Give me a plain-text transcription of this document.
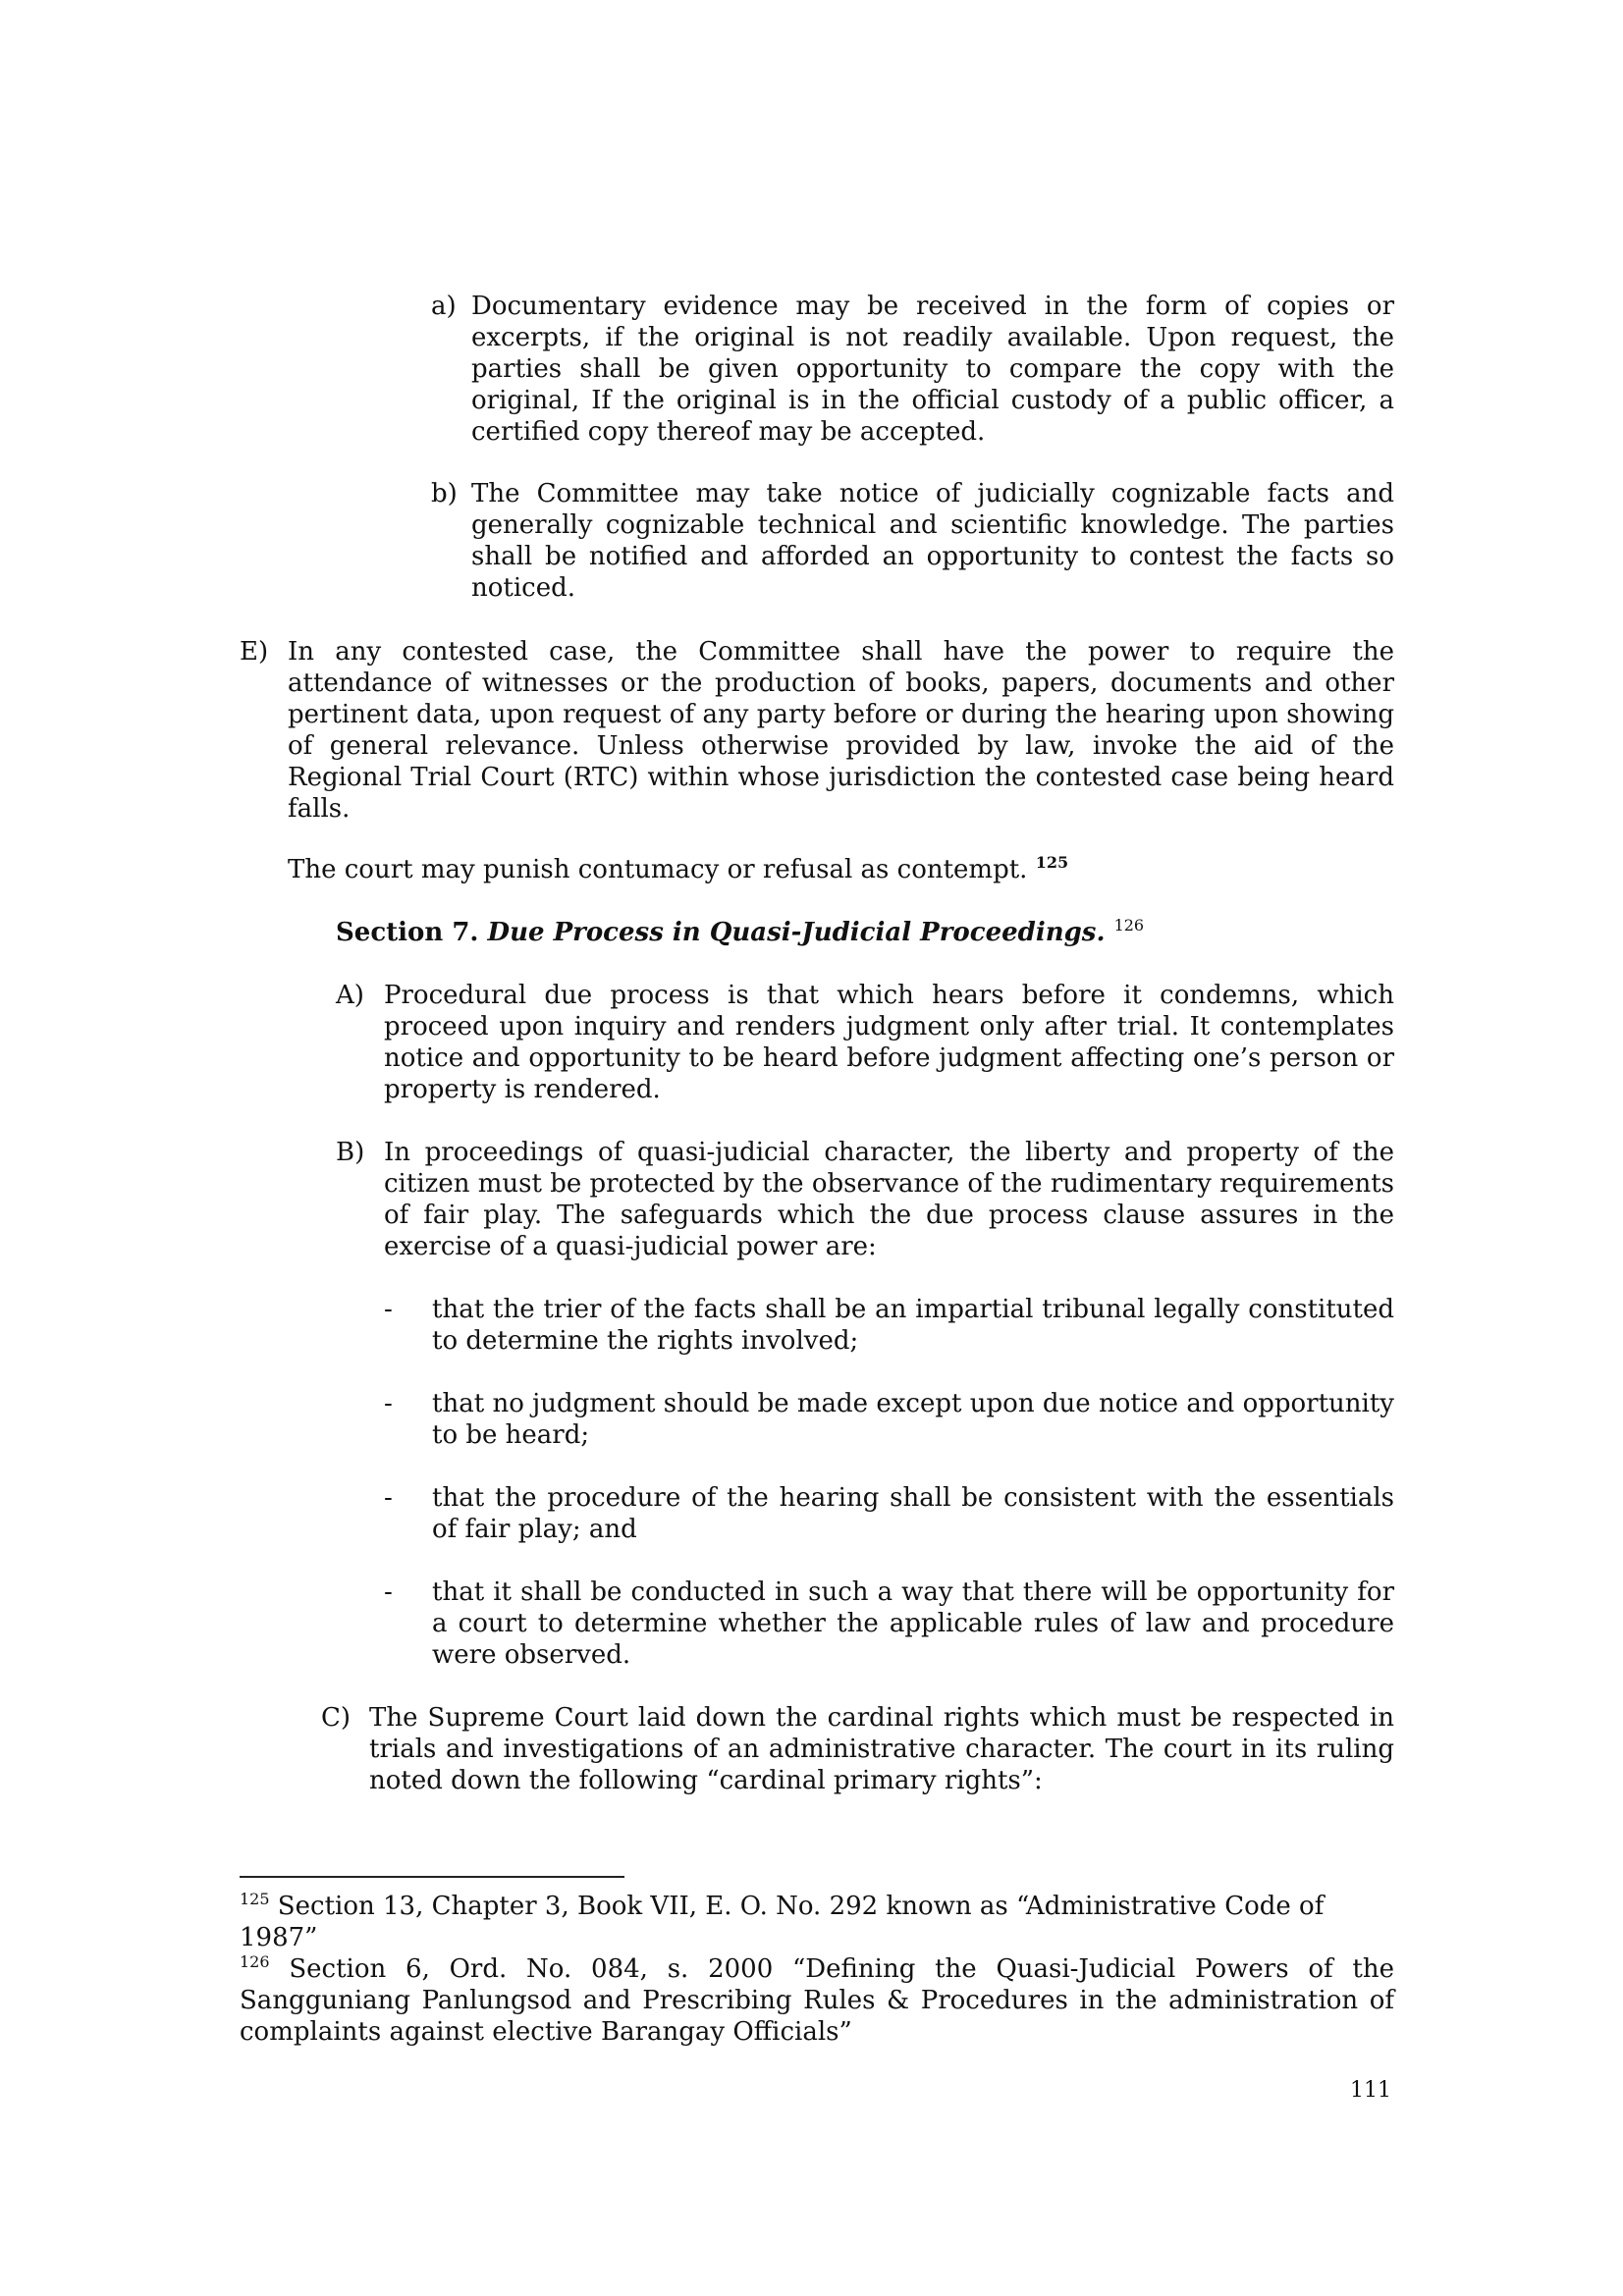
a) Documentary evidence may be received in the form of copies or excerpts, if the original is not readily available. Upon request, the parties shall be given opportunity to compare the copy with the original, If the original is in the official custody of a public officer, a certified copy thereof may be accepted.
b) The Committee may take notice of judicially cognizable facts and generally cognizable technical and scientific knowledge. The parties shall be notified and afforded an opportunity to contest the facts so noticed.
E) In any contested case, the Committee shall have the power to require the attendance of witnesses or the production of books, papers, documents and other pertinent data, upon request of any party before or during the hearing upon showing of general relevance. Unless otherwise provided by law, invoke the aid of the Regional Trial Court (RTC) within whose jurisdiction the contested case being heard falls.

The court may punish contumacy or refusal as contempt. $^{125}$

Section 7. Due Process in Quasi-Judicial Proceedings. $^{126}$

A) Procedural due process is that which hears before it condemns, which proceed upon inquiry and renders judgment only after trial. It contemplates notice and opportunity to be heard before judgment affecting one’s person or property is rendered.
B) In proceedings of quasi-judicial character, the liberty and property of the citizen must be protected by the observance of the rudimentary requirements of fair play. The safeguards which the due process clause assures in the exercise of a quasi-judicial power are:
- that the trier of the facts shall be an impartial tribunal legally constituted to determine the rights involved;
- that no judgment should be made except upon due notice and opportunity to be heard;
- that the procedure of the hearing shall be consistent with the essentials of fair play; and
- that it shall be conducted in such a way that there will be opportunity for a court to determine whether the applicable rules of law and procedure were observed.
C) The Supreme Court laid down the cardinal rights which must be respected in trials and investigations of an administrative character. The court in its ruling noted down the following “cardinal primary rights”:

$^{125}$ Section 13, Chapter 3, Book VII, E. O. No. 292 known as “Administrative Code of 1987”

$^{126}$ Section 6, Ord. No. 084, s. 2000 “Defining the Quasi-Judicial Powers of the Sangguniang Panlungsod and Prescribing Rules & Procedures in the administration of complaints against elective Barangay Officials”

111
